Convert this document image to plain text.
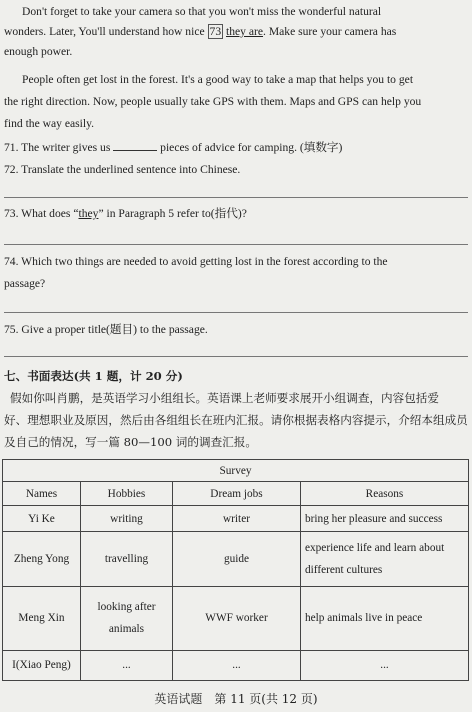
Don't forget to take your camera so that you won't miss the wonderful natural
wonders. Later, You'll understand how nice 73 they are. Make sure your camera has
enough power.
People often get lost in the forest. It's a good way to take a map that helps you to get
the right direction. Now, people usually take GPS with them. Maps and GPS can help you
find the way easily.
71. The writer gives us	pieces of advice for camping. (填数字)
72. Translate the underlined sentence into Chinese.
73. What does “they” in Paragraph 5 refer to(指代)?
74. Which two things are needed to avoid getting lost in the forest according to the
passage?
75. Give a proper title(题目) to the passage.
七、书面表达(共 1 题，计 20 分)
假如你叫肖鹏，是英语学习小组组长。英语课上老师要求展开小组调查，内容包括爱
好、理想职业及原因，然后由各组组长在班内汇报。请你根据表格内容提示，介绍本组成员
及自己的情况，写一篇 80—100 词的调查汇报。
Survey			
Names	Hobbies	Dream jobs	Reasons
Yi Ke	writing	writer	bring her pleasure and success
Zheng Yong	travelling	guide	experience life and learn about different cultures
Meng Xin	looking after animals	WWF worker	help animals live in peace
I(Xiao Peng)	...	...	...
英语试题　第 11 页(共 12 页)
